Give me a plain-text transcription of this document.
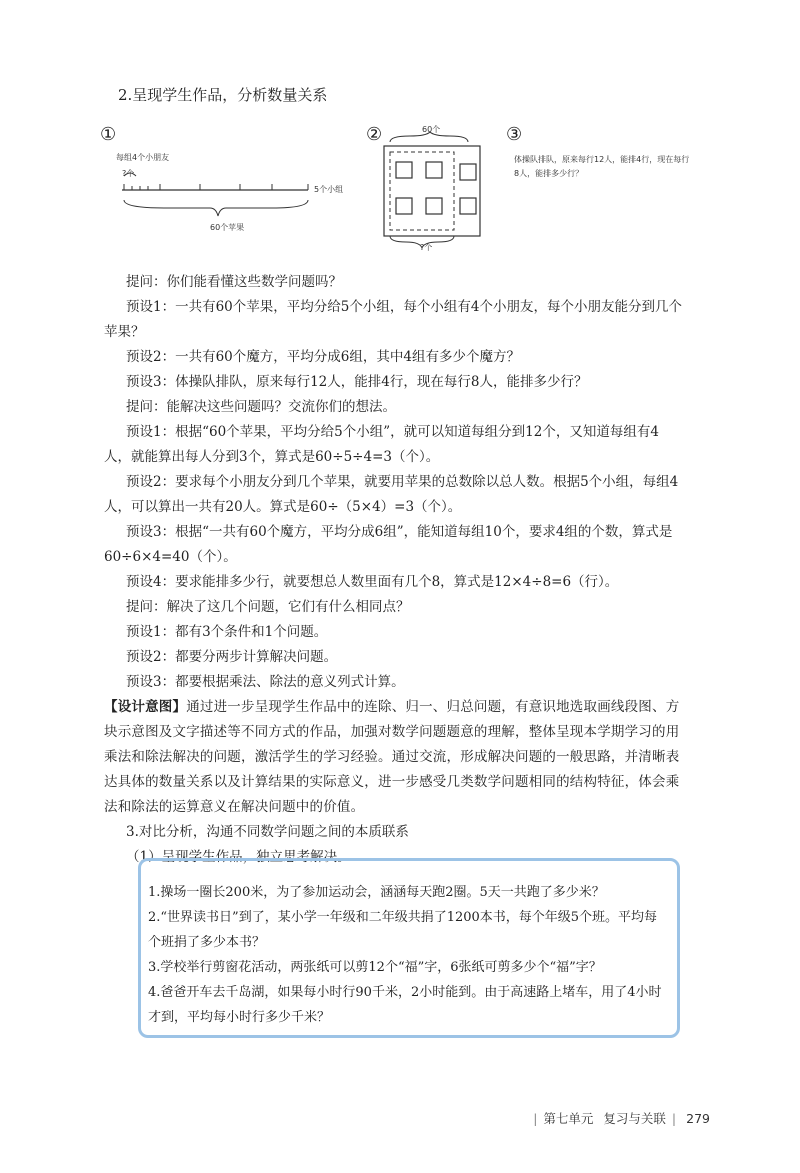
2.呈现学生作品，分析数量关系
①
每组4个小朋友
?个
5个小组
60个苹果
②	60个
?个
③
体操队排队，原来每行12人，能排4行，现在每行
8人，能排多少行？

提问：你们能看懂这些数学问题吗？

预设1：一共有60个苹果，平均分给5个小组，每个小组有4个小朋友，每个小朋友能分到几个苹果？

预设2：一共有60个魔方，平均分成6组，其中4组有多少个魔方？

预设3：体操队排队，原来每行12人，能排4行，现在每行8人，能排多少行？

提问：能解决这些问题吗？交流你们的想法。

预设1：根据“60个苹果，平均分给5个小组”，就可以知道每组分到12个，又知道每组有4人，就能算出每人分到3个，算式是60÷5÷4=3（个）。

预设2：要求每个小朋友分到几个苹果，就要用苹果的总数除以总人数。根据5个小组，每组4人，可以算出一共有20人。算式是60÷（5×4）=3（个）。

预设3：根据“一共有60个魔方，平均分成6组”，能知道每组10个，要求4组的个数，算式是60÷6×4=40（个）。

预设4：要求能排多少行，就要想总人数里面有几个8，算式是12×4÷8=6（行）。

提问：解决了这几个问题，它们有什么相同点？

预设1：都有3个条件和1个问题。

预设2：都要分两步计算解决问题。

预设3：都要根据乘法、除法的意义列式计算。

【设计意图】通过进一步呈现学生作品中的连除、归一、归总问题，有意识地选取画线段图、方块示意图及文字描述等不同方式的作品，加强对数学问题题意的理解，整体呈现本学期学习的用乘法和除法解决的问题，激活学生的学习经验。通过交流，形成解决问题的一般思路，并清晰表达具体的数量关系以及计算结果的实际意义，进一步感受几类数学问题相同的结构特征，体会乘法和除法的运算意义在解决问题中的价值。

3.对比分析，沟通不同数学问题之间的本质联系

（1）呈现学生作品，独立思考解决。

1.操场一圈长200米，为了参加运动会，涵涵每天跑2圈。5天一共跑了多少米？

2.“世界读书日”到了，某小学一年级和二年级共捐了1200本书，每个年级5个班。平均每个班捐了多少本书？

3.学校举行剪窗花活动，两张纸可以剪12个“福”字，6张纸可剪多少个“福”字？

4.爸爸开车去千岛湖，如果每小时行90千米，2小时能到。由于高速路上堵车，用了4小时才到，平均每小时行多少千米？

| 第七单元 复习与关联 | 279
